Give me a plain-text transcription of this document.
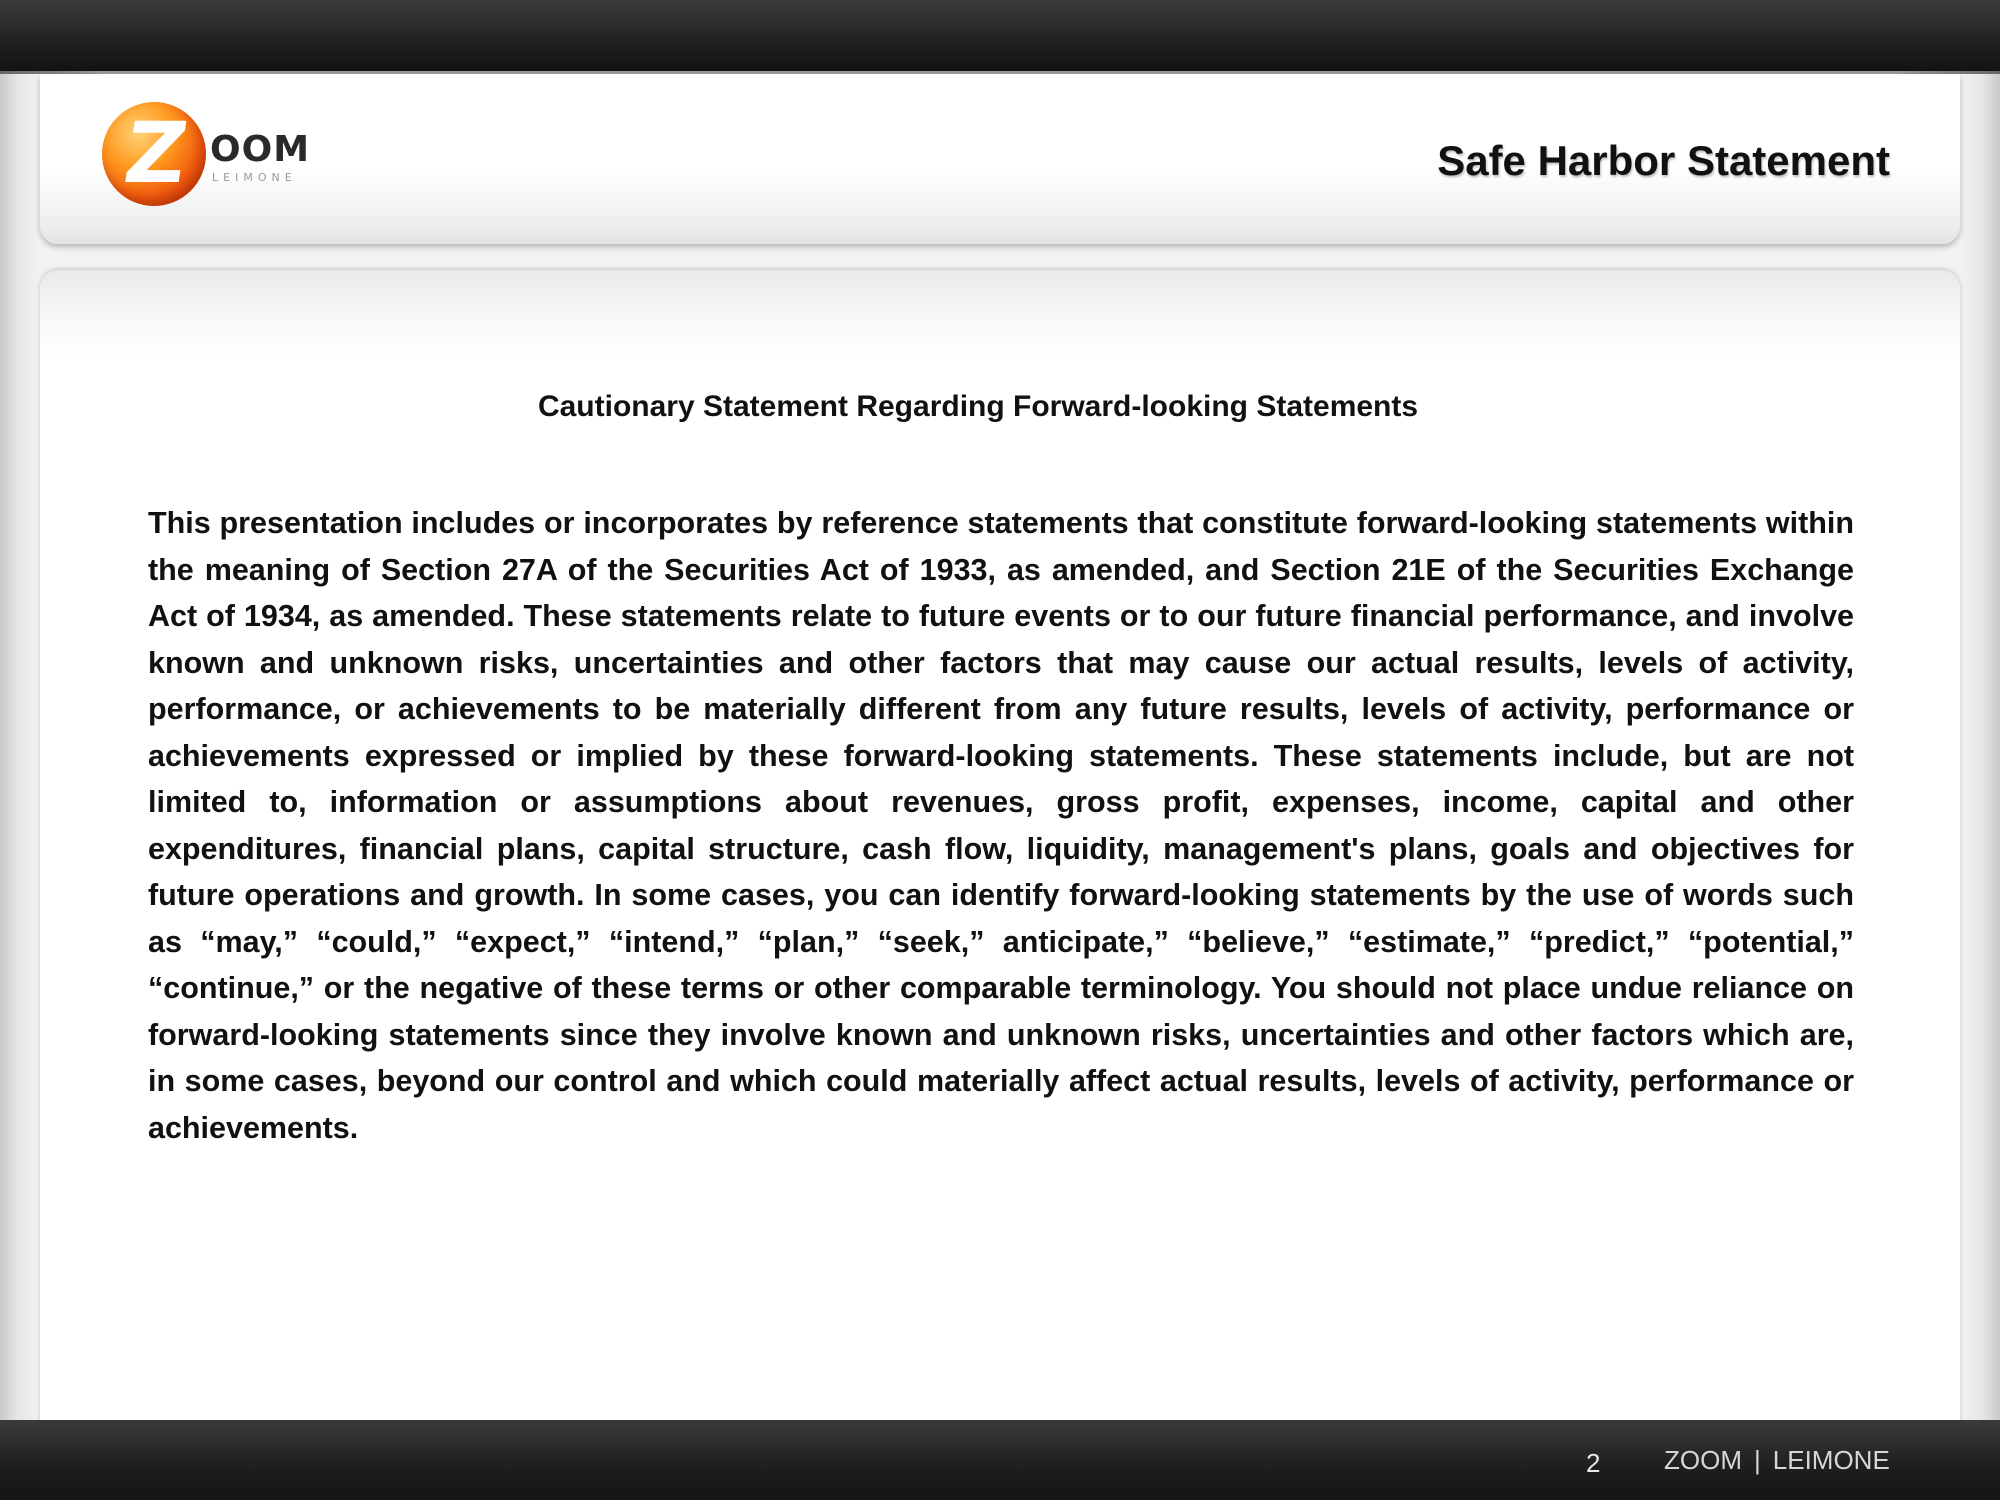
Z OOM
LEIMONE	Safe Harbor Statement
Cautionary Statement Regarding Forward-looking Statements

This presentation includes or incorporates by reference statements that constitute forward-looking statements within the meaning of Section 27A of the Securities Act of 1933, as amended, and Section 21E of the Securities Exchange Act of 1934, as amended. These statements relate to future events or to our future financial performance, and involve known and unknown risks, uncertainties and other factors that may cause our actual results, levels of activity, performance, or achievements to be materially different from any future results, levels of activity, performance or achievements expressed or implied by these forward-looking statements. These statements include, but are not limited to, information or assumptions about revenues, gross profit, expenses, income, capital and other expenditures, financial plans, capital structure, cash flow, liquidity, management's plans, goals and objectives for future operations and growth. In some cases, you can identify forward-looking statements by the use of words such as “may,” “could,” “expect,” “intend,” “plan,” “seek,” anticipate,” “believe,” “estimate,” “predict,” “potential,” “continue,” or the negative of these terms or other comparable terminology. You should not place undue reliance on forward-looking statements since they involve known and unknown risks, uncertainties and other factors which are, in some cases, beyond our control and which could materially affect actual results, levels of activity, performance or achievements.

2 ZOOM | LEIMONE
